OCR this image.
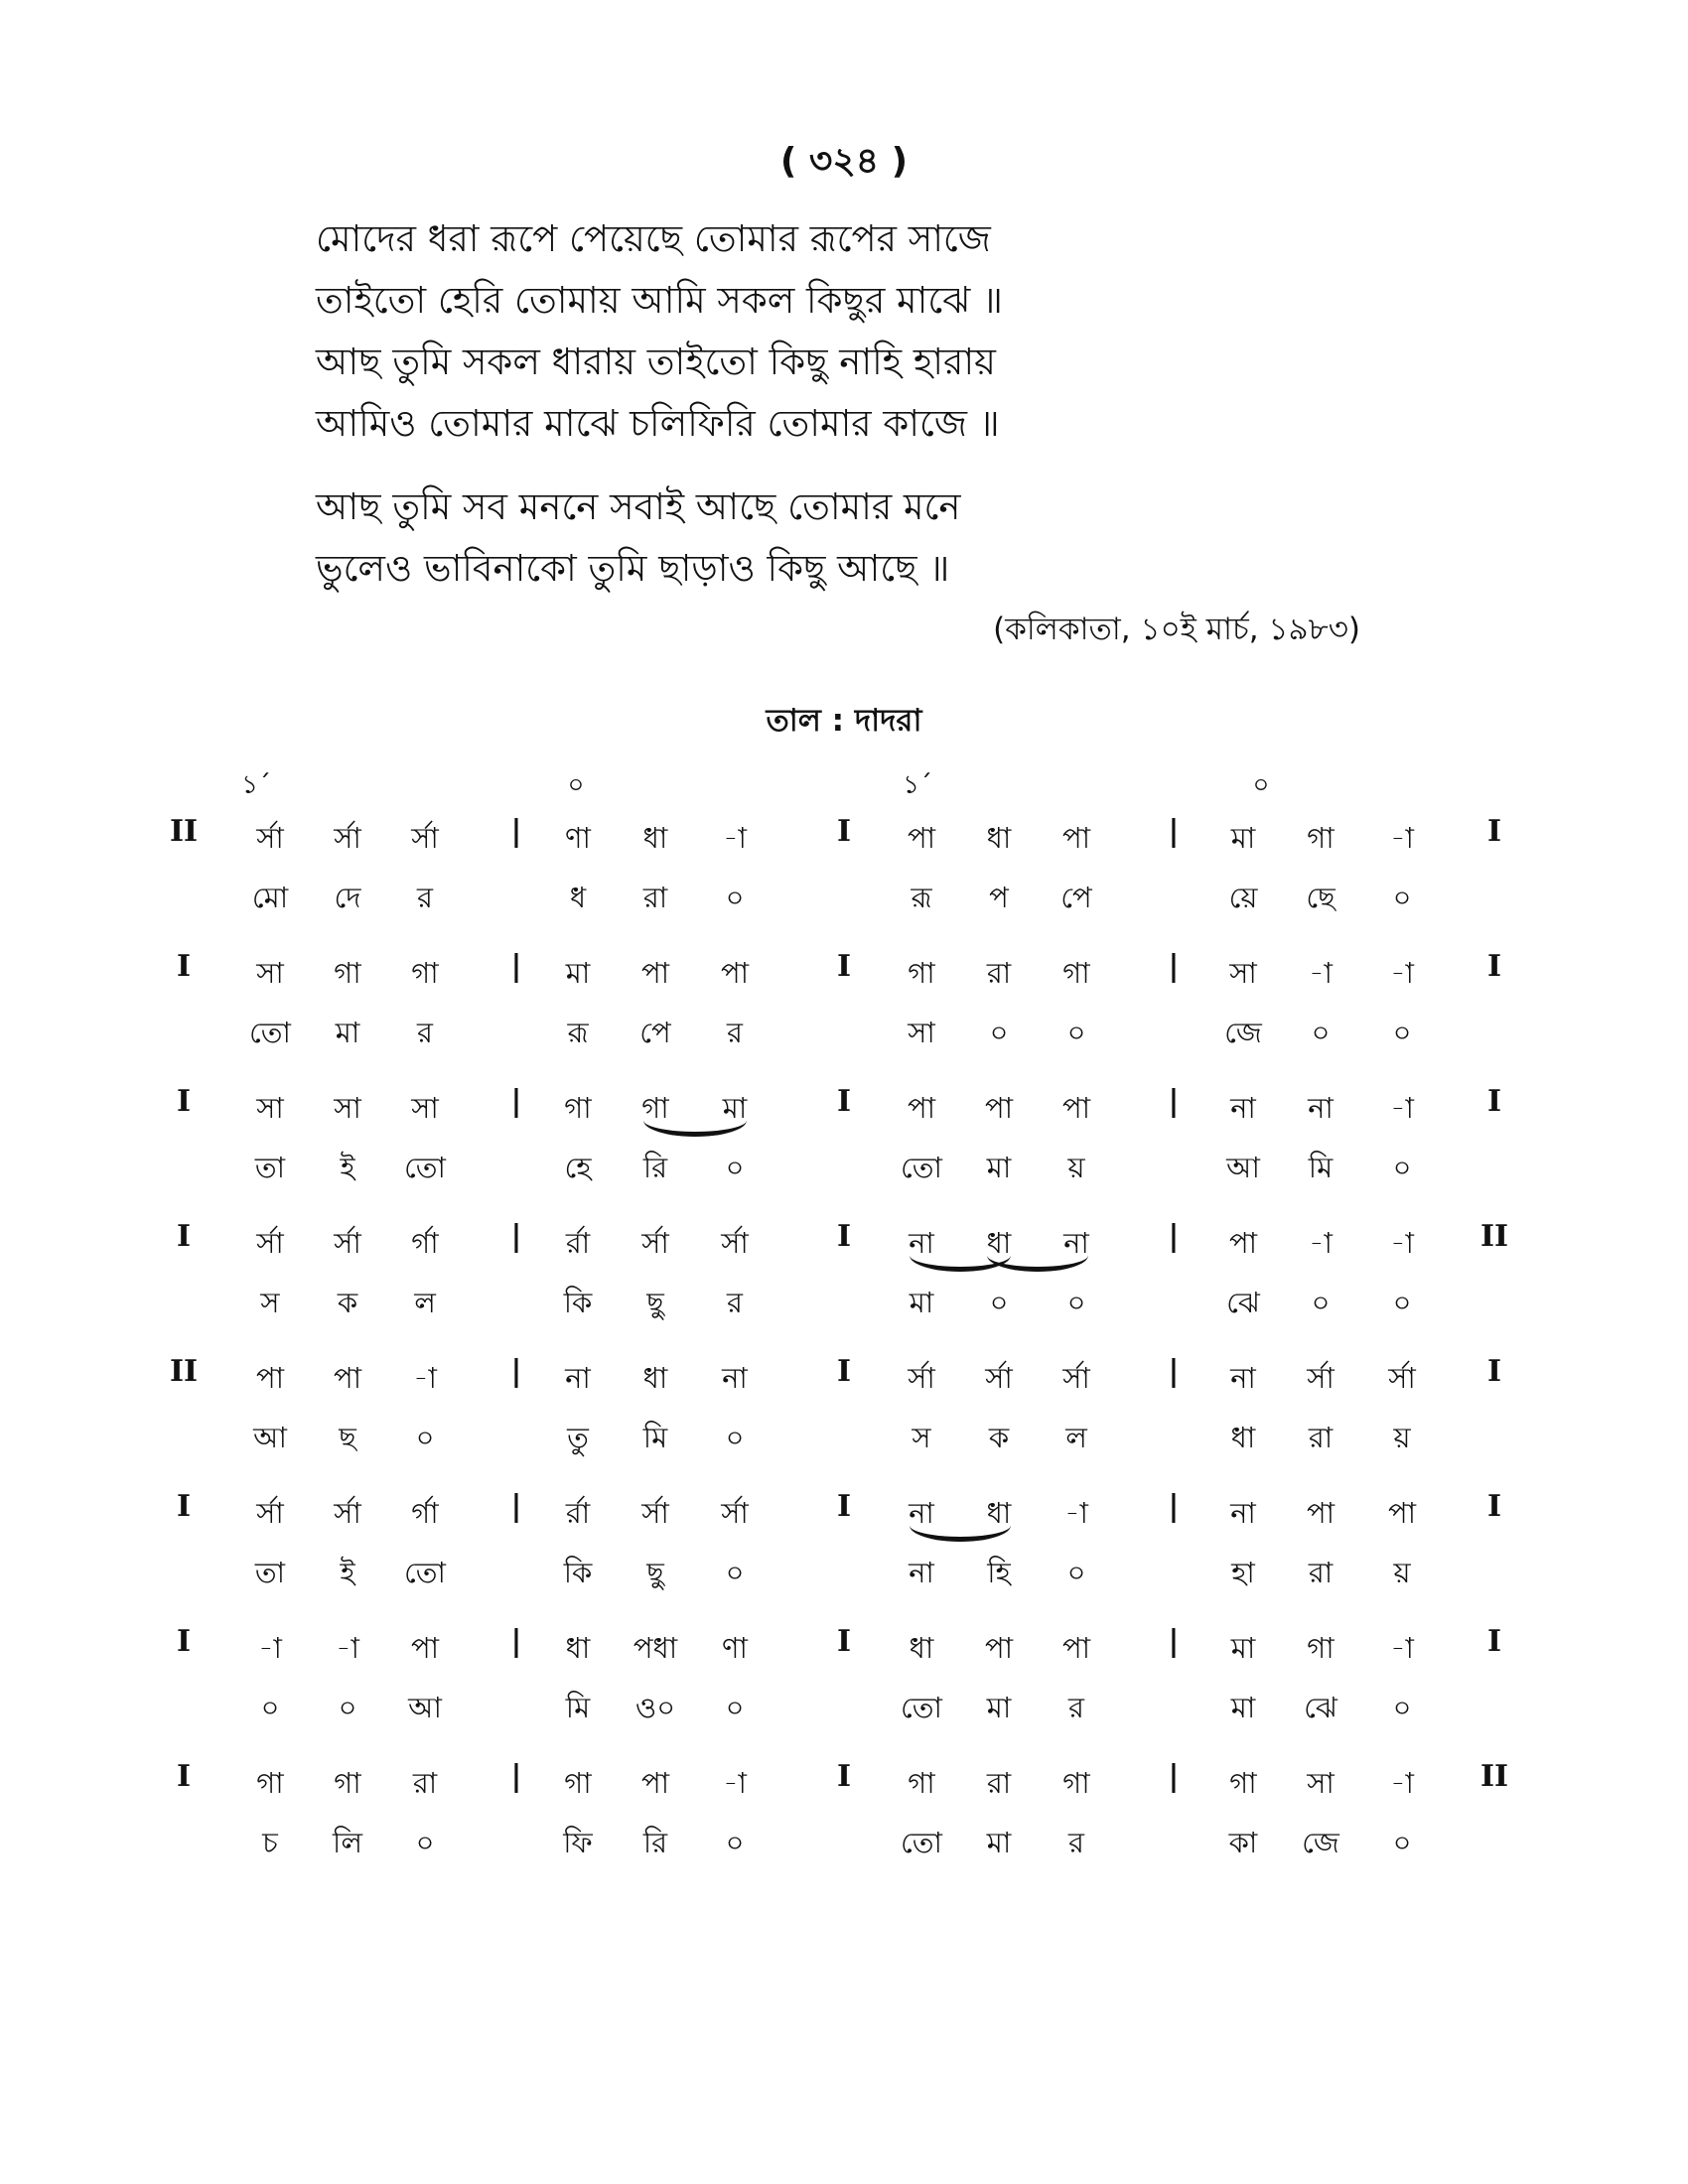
( ৩২৪ )
মোদের ধরা রূপে পেয়েছে তোমার রূপের সাজে
তাইতো হেরি তোমায় আমি সকল কিছুর মাঝে ॥
আছ তুমি সকল ধারায় তাইতো কিছু নাহি হারায়
আমিও তোমার মাঝে চলিফিরি তোমার কাজে ॥
আছ তুমি সব মননে সবাই আছে তোমার মনে
ভুলেও ভাবিনাকো তুমি ছাড়াও কিছু আছে ॥
(কলিকাতা, ১০ই মার্চ, ১৯৮৩)
তাল : দাদরা
১´	০	১´	০
II	|	I	|	I
র্সা	র্সা	র্সা	ণা	ধা	-া	পা	ধা	পা	মা	গা	-া
মো	দে	র	ধ	রা	০	রূ	প	পে	য়ে	ছে	০
I	|	I	|	I
সা	গা	গা	মা	পা	পা	গা	রা	গা	সা	-া	-া
তো	মা	র	রূ	পে	র	সা	০	০	জে	০	০
I	|	I	|	I
সা	সা	সা	গা	গা	মা	পা	পা	পা	না	না	-া
তা	ই	তো	হে	রি	০	তো	মা	য়	আ	মি	০
I	|	I	|	II
র্সা	র্সা	র্গা	র্রা	র্সা	র্সা	না	ধা	না	পা	-া	-া
স	ক	ল	কি	ছু	র	মা	০	০	ঝে	০	০
II	|	I	|	I
পা	পা	-া	না	ধা	না	র্সা	র্সা	র্সা	না	র্সা	র্সা
আ	ছ	০	তু	মি	০	স	ক	ল	ধা	রা	য়
I	|	I	|	I
র্সা	র্সা	র্গা	র্রা	র্সা	র্সা	না	ধা	-া	না	পা	পা
তা	ই	তো	কি	ছু	০	না	হি	০	হা	রা	য়
I	|	I	|	I
-া	-া	পা	ধা	পধা	ণা	ধা	পা	পা	মা	গা	-া
০	০	আ	মি	ও০	০	তো	মা	র	মা	ঝে	০
I	|	I	|	II
গা	গা	রা	গা	পা	-া	গা	রা	গা	গা	সা	-া
চ	লি	০	ফি	রি	০	তো	মা	র	কা	জে	০
